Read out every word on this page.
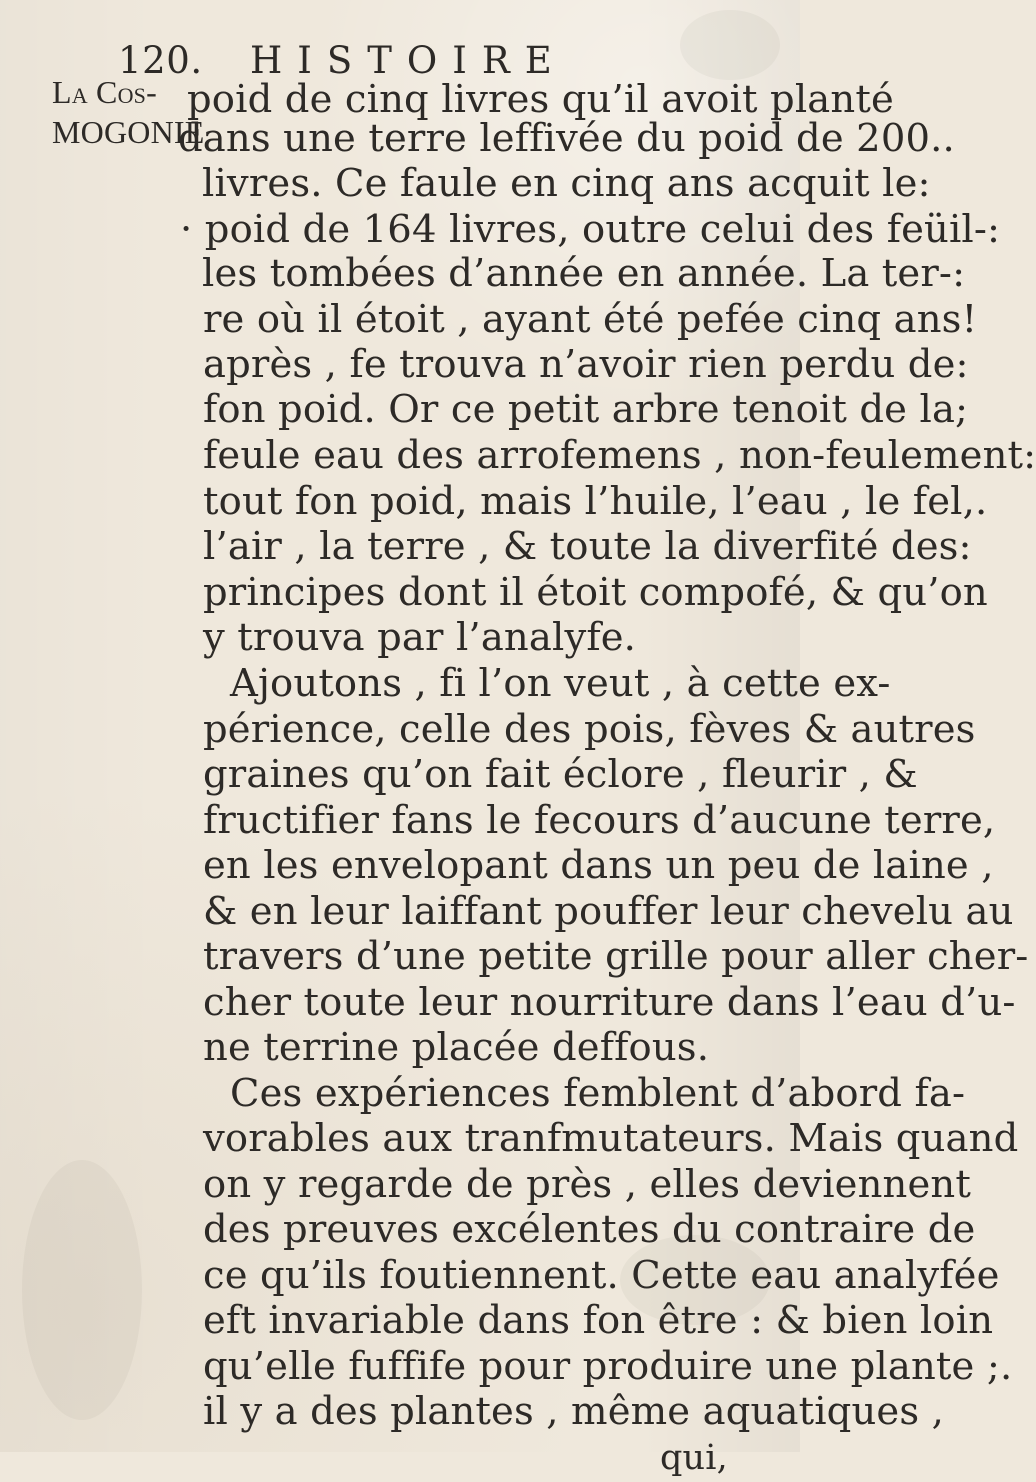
120. HISTOIRE
La Cos-
MOGONIE
poid de cinq livres qu’il avoit planté
dans une terre leffivée du poid de 200..
livres. Ce faule en cinq ans acquit le:
· poid de 164 livres, outre celui des feüil-:
les tombées d’année en année. La ter-:
re où il étoit , ayant été pefée cinq ans!
après , fe trouva n’avoir rien perdu de:
fon poid. Or ce petit arbre tenoit de la;
feule eau des arrofemens , non-feulement:
tout fon poid, mais l’huile, l’eau , le fel,.
l’air , la terre , & toute la diverfité des:
principes dont il étoit compofé, & qu’on
y trouva par l’analyfe.
Ajoutons , fi l’on veut , à cette ex-
périence, celle des pois, fèves & autres
graines qu’on fait éclore , fleurir , &
fructifier fans le fecours d’aucune terre,
en les envelopant dans un peu de laine ,
& en leur laiffant pouffer leur chevelu au
travers d’une petite grille pour aller cher-
cher toute leur nourriture dans l’eau d’u-
ne terrine placée deffous.
Ces expériences femblent d’abord fa-
vorables aux tranfmutateurs. Mais quand
on y regarde de près , elles deviennent
des preuves excélentes du contraire de
ce qu’ils foutiennent. Cette eau analyfée
eft invariable dans fon être : & bien loin
qu’elle fuffife pour produire une plante ;.
il y a des plantes , même aquatiques ,
qui,
